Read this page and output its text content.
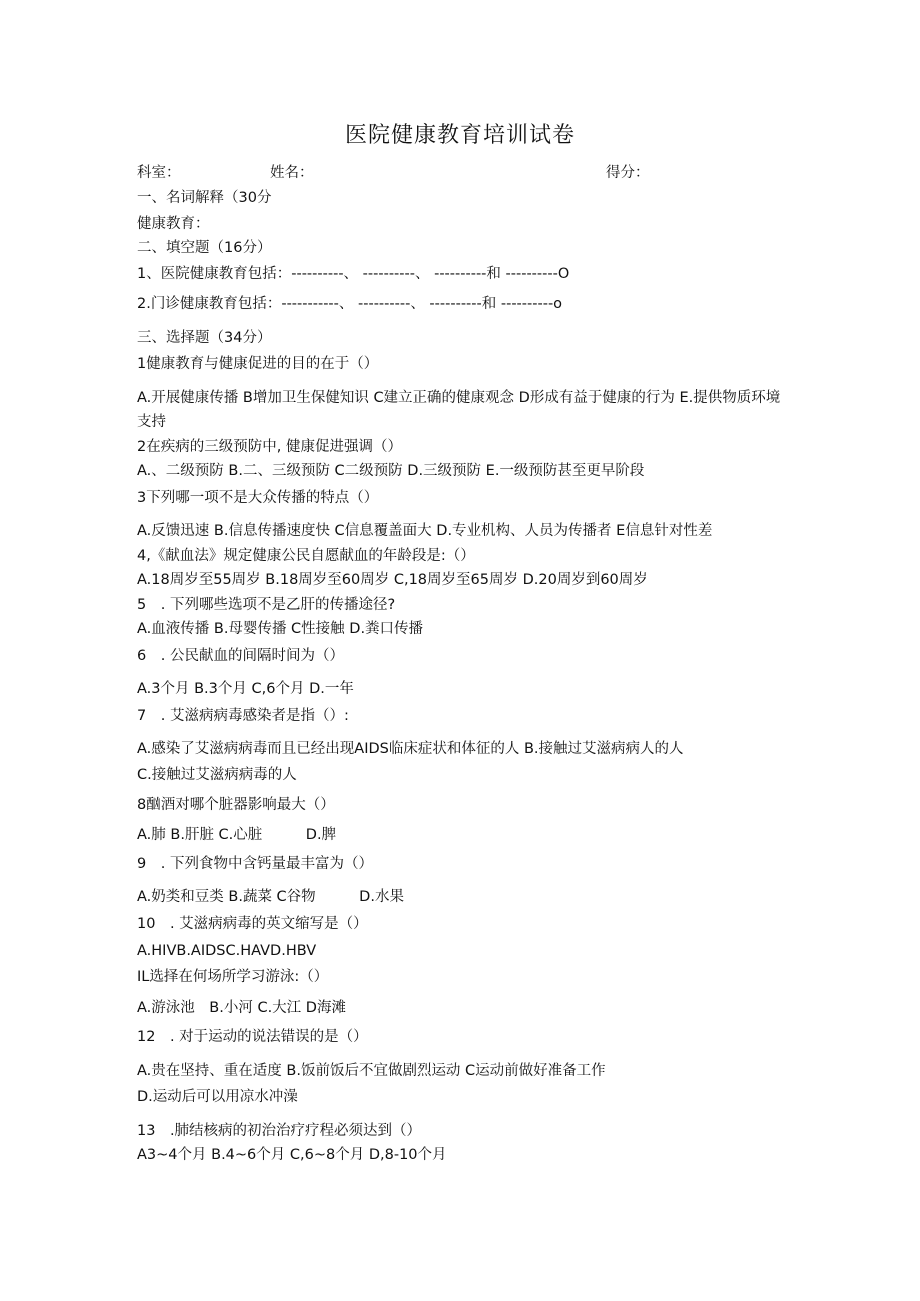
医院健康教育培训试卷
科室：	姓名：	得分：
一、名词解释（30分
健康教育：
二、填空题（16分）
1、医院健康教育包括：----------、 ----------、 ----------和 ----------O
2.门诊健康教育包括：-----------、 ----------、 ----------和 ----------o
三、选择题（34分）
1健康教育与健康促进的目的在于（）
A.开展健康传播 B增加卫生保健知识 C建立正确的健康观念 D形成有益于健康的行为 E.提供物质环境支持
2在疾病的三级预防中, 健康促进强调（）
A.、二级预防 B.二、三级预防 C二级预防 D.三级预防 E.一级预防甚至更早阶段
3下列哪一项不是大众传播的特点（）
A.反馈迅速 B.信息传播速度快 C信息覆盖面大 D.专业机构、人员为传播者 E信息针对性差
4,《献血法》规定健康公民自愿献血的年龄段是:（）
A.18周岁至55周岁 B.18周岁至60周岁 C,18周岁至65周岁 D.20周岁到60周岁
5　. 下列哪些选项不是乙肝的传播途径?
A.血液传播 B.母婴传播 C性接触 D.粪口传播
6　. 公民献血的间隔时间为（）
A.3个月 B.3个月 C,6个月 D.一年
7　. 艾滋病病毒感染者是指（）:
A.感染了艾滋病病毒而且已经出现AIDS临床症状和体征的人 B.接触过艾滋病病人的人
C.接触过艾滋病病毒的人
8酗酒对哪个脏器影响最大（）
A.肺 B.肝脏 C.心脏　　　D.脾
9　. 下列食物中含钙量最丰富为（）
A.奶类和豆类 B.蔬菜 C谷物　　　D.水果
10　. 艾滋病病毒的英文缩写是（）
A.HIVB.AIDSC.HAVD.HBV
IL选择在何场所学习游泳:（）
A.游泳池　B.小河 C.大江 D海滩
12　. 对于运动的说法错误的是（）
A.贵在坚持、重在适度 B.饭前饭后不宜做剧烈运动 C运动前做好准备工作
D.运动后可以用凉水冲澡
13　.肺结核病的初治治疗疗程必须达到（）
A3~4个月 B.4~6个月 C,6~8个月 D,8-10个月
